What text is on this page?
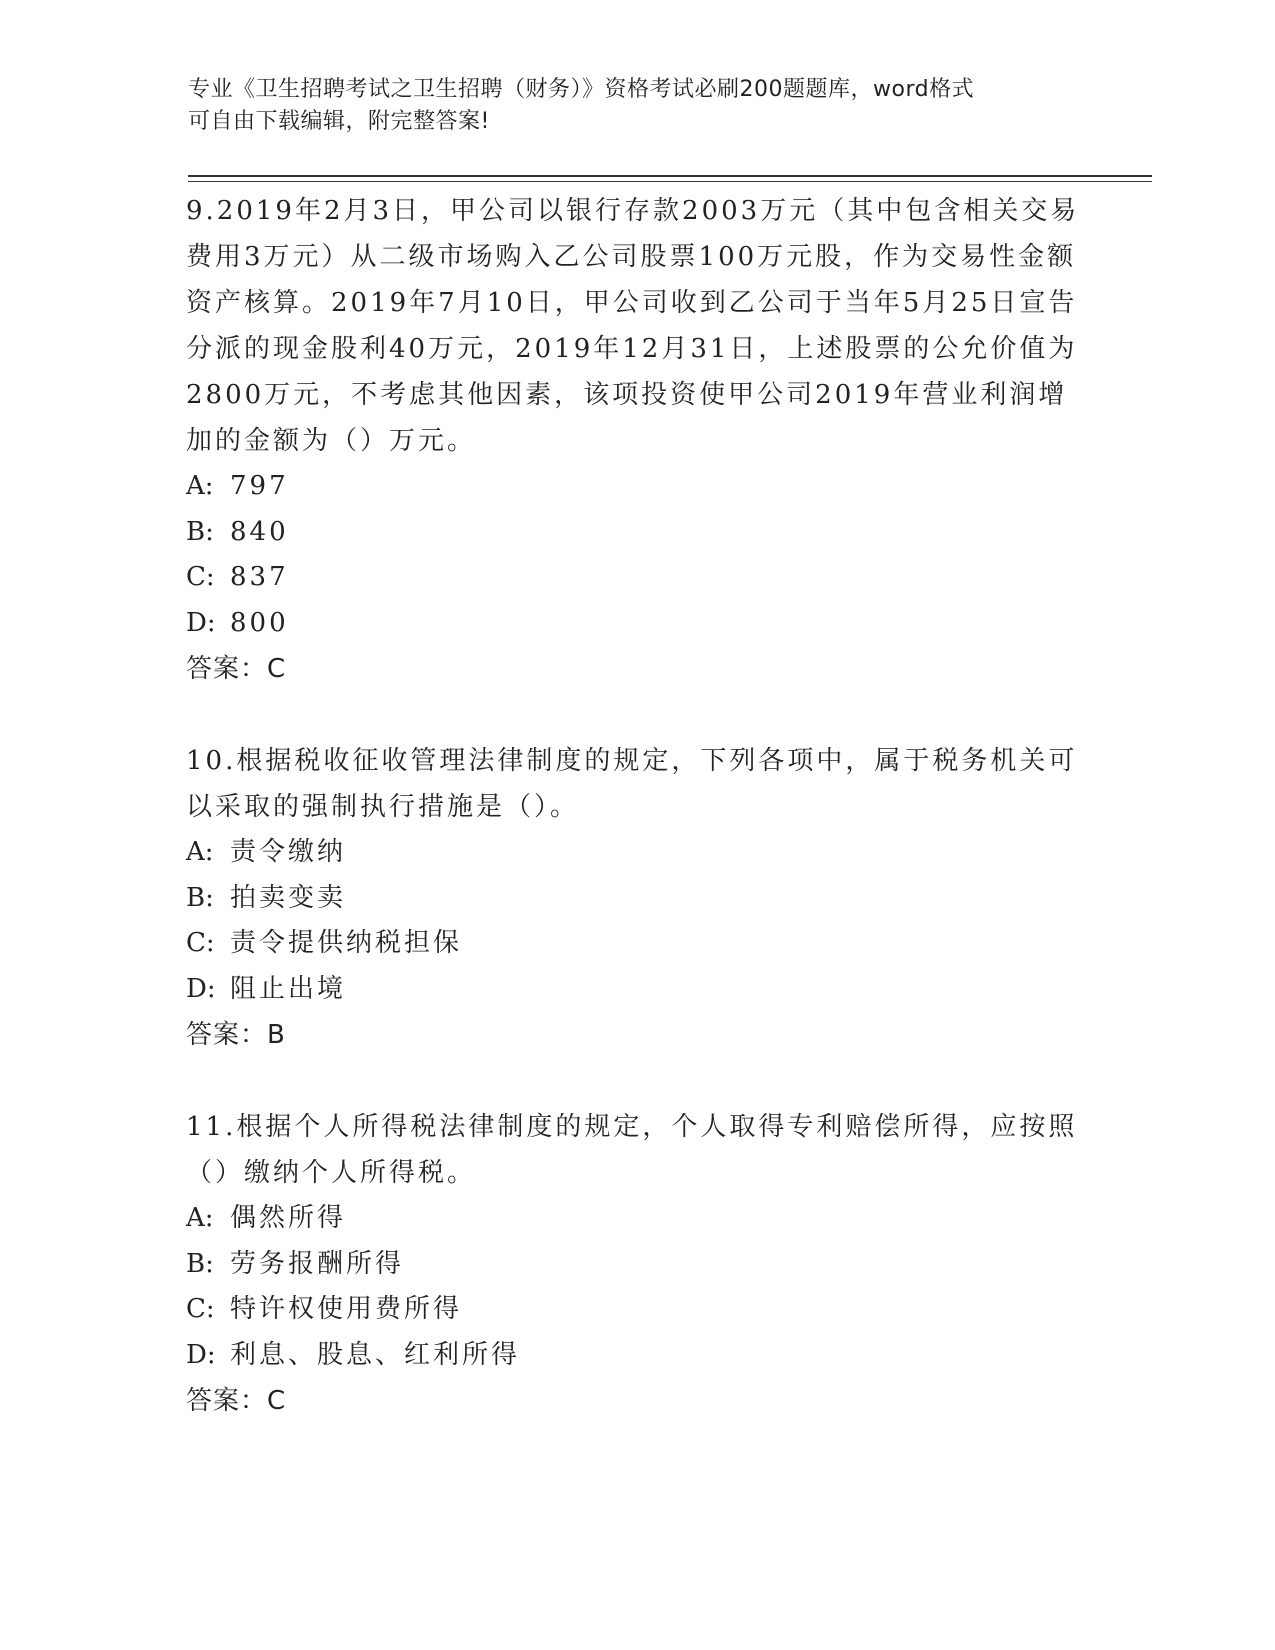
专业《卫生招聘考试之卫生招聘（财务）》资格考试必刷200题题库，word格式
可自由下载编辑，附完整答案!

9.2019年2月3日，甲公司以银行存款2003万元（其中包含相关交易费用3万元）从二级市场购入乙公司股票100万元股，作为交易性金额资产核算。2019年7月10日，甲公司收到乙公司于当年5月25日宣告分派的现金股利40万元，2019年12月31日，上述股票的公允价值为2800万元，不考虑其他因素，该项投资使甲公司2019年营业利润增加的金额为（）万元。

A: 797

B: 840

C: 837

D: 800

答案：C

10.根据税收征收管理法律制度的规定，下列各项中，属于税务机关可以采取的强制执行措施是（）。

A: 责令缴纳

B: 拍卖变卖

C: 责令提供纳税担保

D: 阻止出境

答案：B

11.根据个人所得税法律制度的规定，个人取得专利赔偿所得，应按照（）缴纳个人所得税。

A: 偶然所得

B: 劳务报酬所得

C: 特许权使用费所得

D: 利息、股息、红利所得

答案：C
